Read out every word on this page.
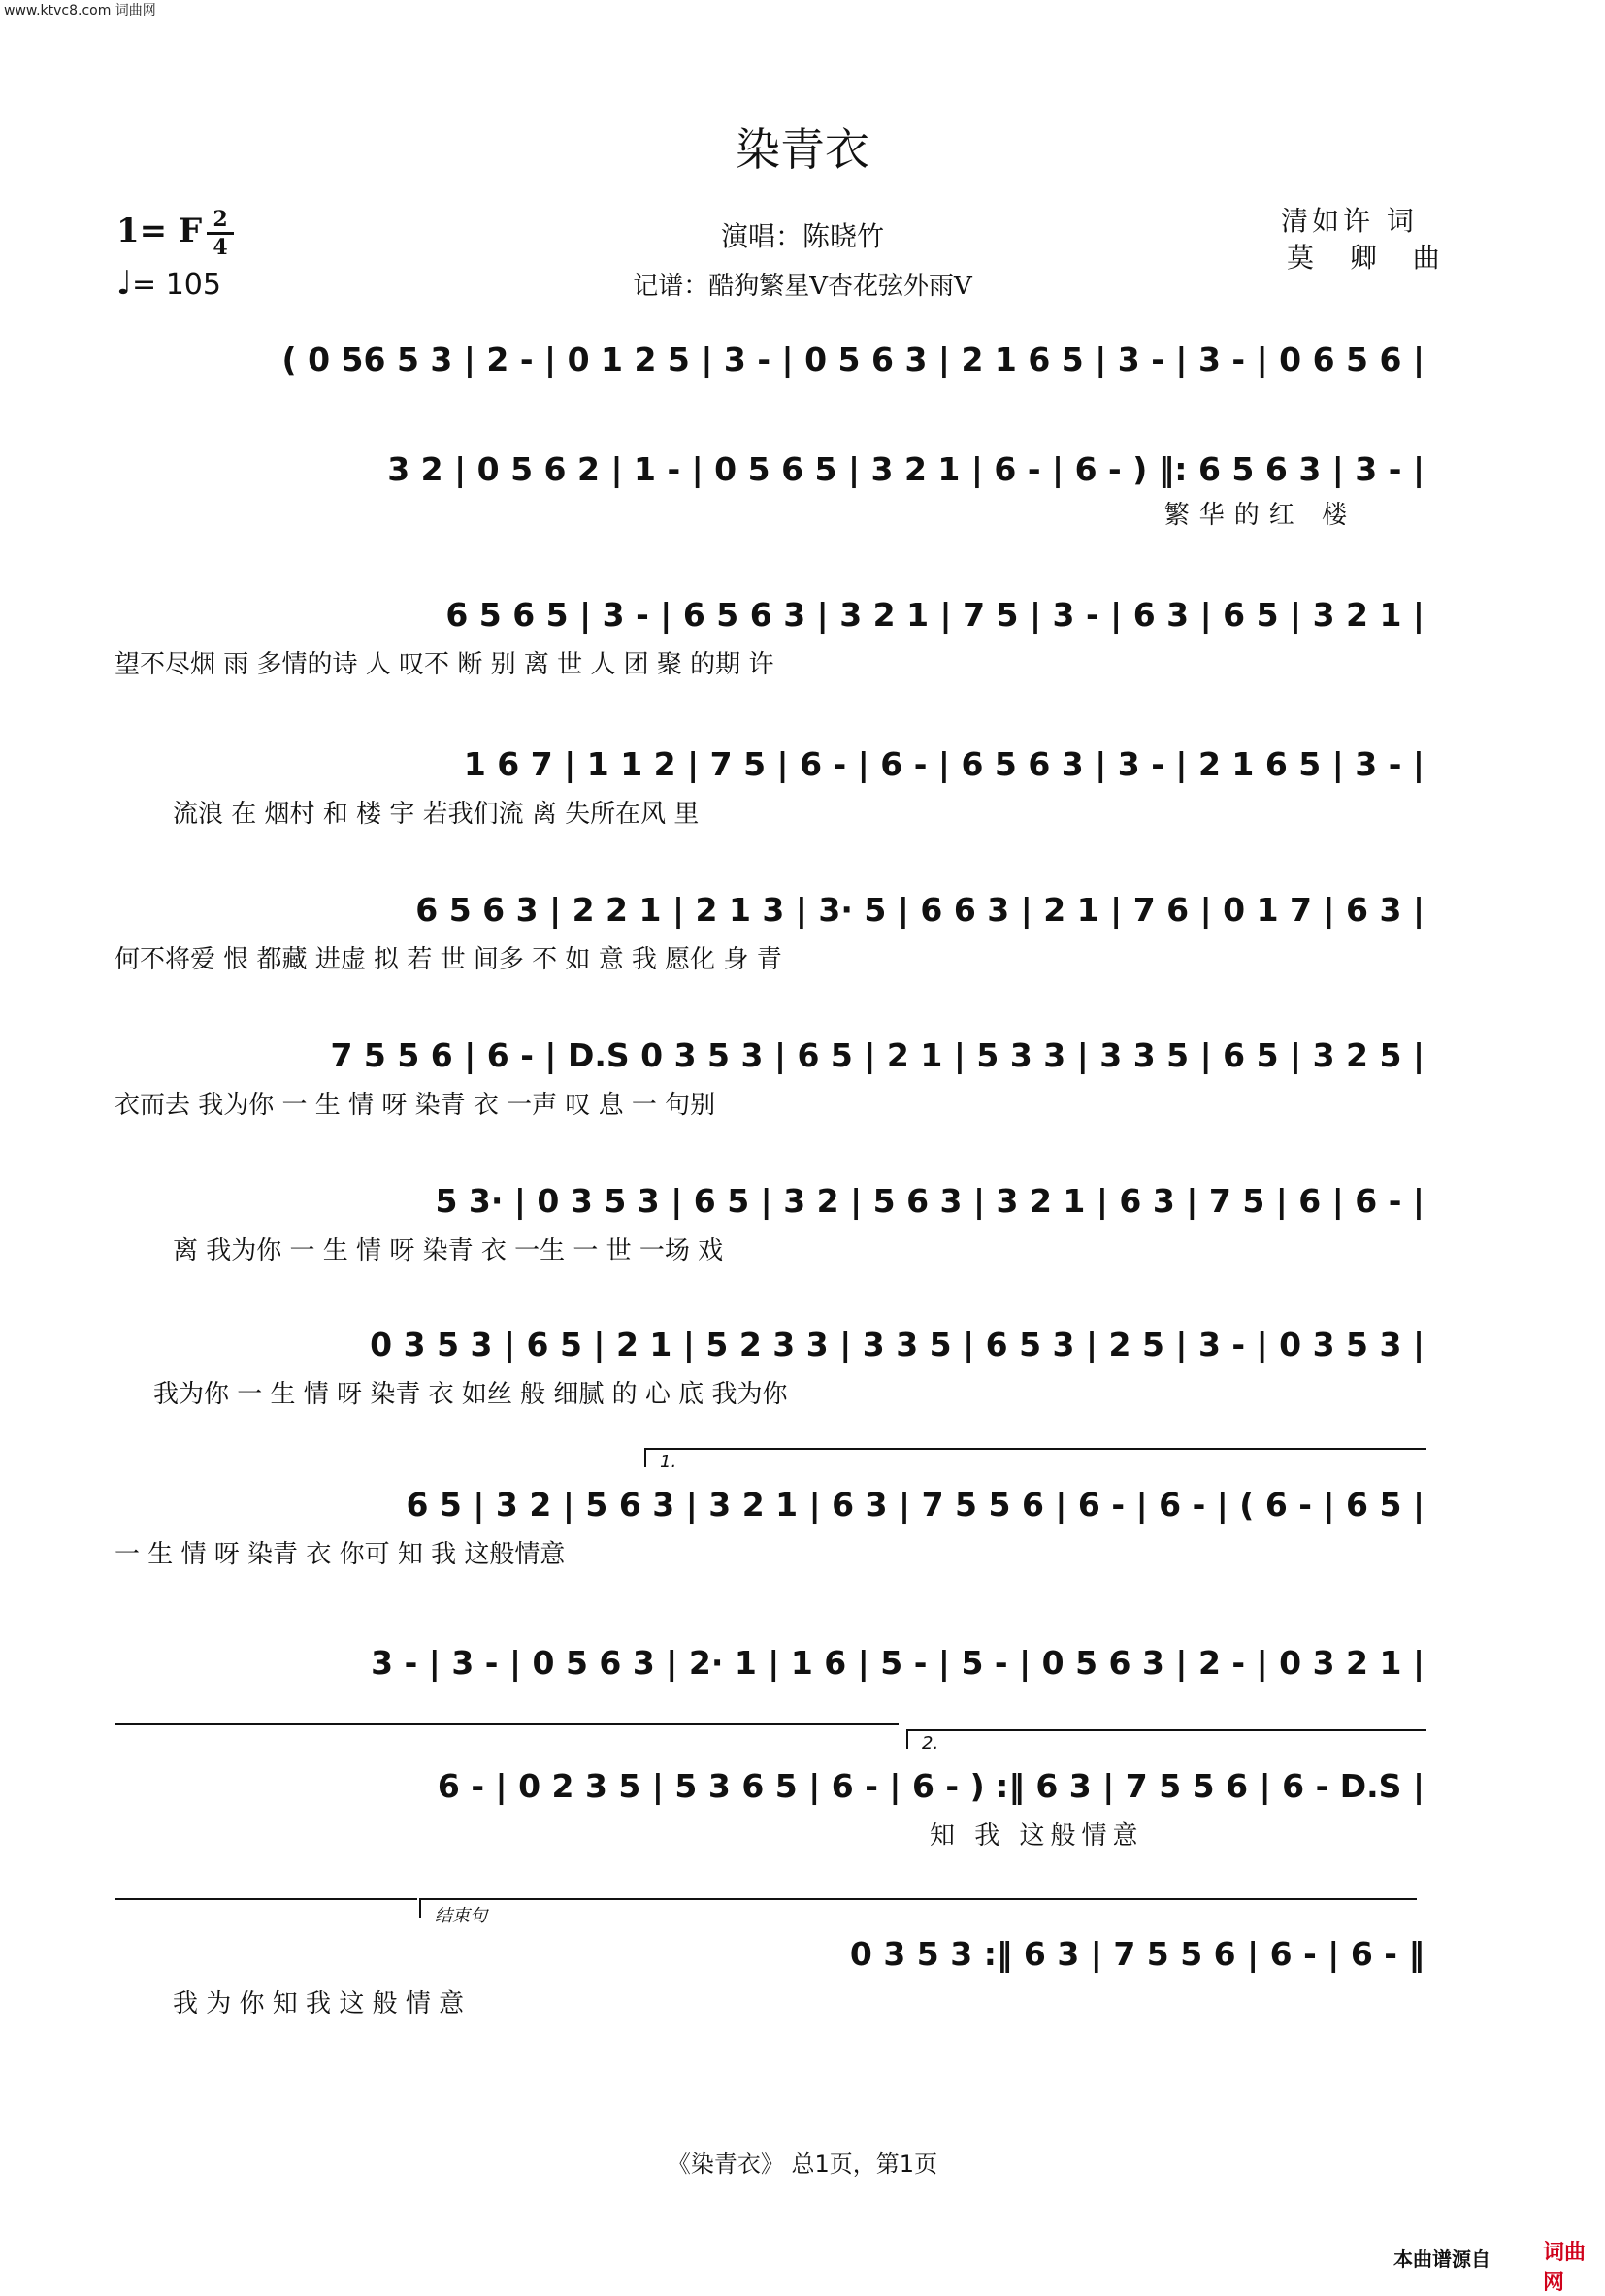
www.ktvc8.com 词曲网
染青衣
1= F 2
4
♩= 105
演唱：陈晓竹
记谱：酷狗繁星V杏花弦外雨V
清如许 词
莫 卿 曲
( 0 56 5 3 | 2 - | 0 1 2 5 | 3 - | 0 5 6 3 | 2 1 6 5 | 3 - | 3 - | 0 6 5 6 |
3 2 | 0 5 6 2 | 1 - | 0 5 6 5 | 3 2 1 | 6 - | 6 - ) ‖: 6 5 6 3 | 3 - |
繁华的红 楼
6 5 6 5 | 3 - | 6 5 6 3 | 3 2 1 | 7 5 | 3 - | 6 3 | 6 5 | 3 2 1 |
望不尽烟 雨 多情的诗 人 叹不 断 别 离 世 人 团 聚 的期 许
1 6 7 | 1 1 2 | 7 5 | 6 - | 6 - | 6 5 6 3 | 3 - | 2 1 6 5 | 3 - |
流浪 在 烟村 和 楼 宇 若我们流 离 失所在风 里
6 5 6 3 | 2 2 1 | 2 1 3 | 3· 5 | 6 6 3 | 2 1 | 7 6 | 0 1 7 | 6 3 |
何不将爱 恨 都藏 进虚 拟 若 世 间多 不 如 意 我 愿化 身 青
7 5 5 6 | 6 - | D.S 0 3 5 3 | 6 5 | 2 1 | 5 3 3 | 3 3 5 | 6 5 | 3 2 5 |
衣而去 我为你 一 生 情 呀 染青 衣 一声 叹 息 一 句别
5 3· | 0 3 5 3 | 6 5 | 3 2 | 5 6 3 | 3 2 1 | 6 3 | 7 5 | 6 | 6 - |
离 我为你 一 生 情 呀 染青 衣 一生 一 世 一场 戏
0 3 5 3 | 6 5 | 2 1 | 5 2 3 3 | 3 3 5 | 6 5 3 | 2 5 | 3 - | 0 3 5 3 |
我为你 一 生 情 呀 染青 衣 如丝 般 细腻 的 心 底 我为你
1.
6 5 | 3 2 | 5 6 3 | 3 2 1 | 6 3 | 7 5 5 6 | 6 - | 6 - | ( 6 - | 6 5 |
一 生 情 呀 染青 衣 你可 知 我 这般情意
3 - | 3 - | 0 5 6 3 | 2· 1 | 1 6 | 5 - | 5 - | 0 5 6 3 | 2 - | 0 3 2 1 |
2.
6 - | 0 2 3 5 | 5 3 6 5 | 6 - | 6 - ) :‖ 6 3 | 7 5 5 6 | 6 - D.S |
知 我 这般情意
结束句
0 3 5 3 :‖ 6 3 | 7 5 5 6 | 6 - | 6 - ‖
我 为 你 知 我 这 般 情 意
《染青衣》 总1页，第1页
本曲谱源自 词曲网
